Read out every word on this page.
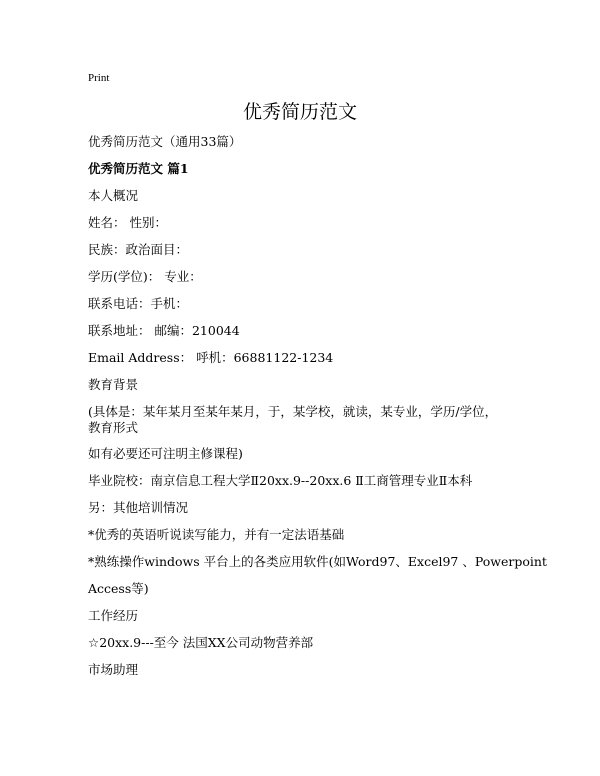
Print
优秀简历范文
优秀简历范文（通用33篇）
优秀简历范文 篇1
本人概况
姓名： 性别：
民族：政治面目：
学历(学位)： 专业：
联系电话：手机：
联系地址： 邮编：210044
Email Address： 呼机：66881122-1234
教育背景
(具体是：某年某月至某年某月，于，某学校，就读，某专业，学历/学位，教育形式
如有必要还可注明主修课程)
毕业院校：南京信息工程大学Ⅱ20xx.9--20xx.6 Ⅱ工商管理专业Ⅱ本科
另：其他培训情况
*优秀的英语听说读写能力，并有一定法语基础
*熟练操作windows 平台上的各类应用软件(如Word97、Excel97 、Powerpoint
Access等)
工作经历
☆20xx.9---至今 法国XX公司动物营养部
市场助理
